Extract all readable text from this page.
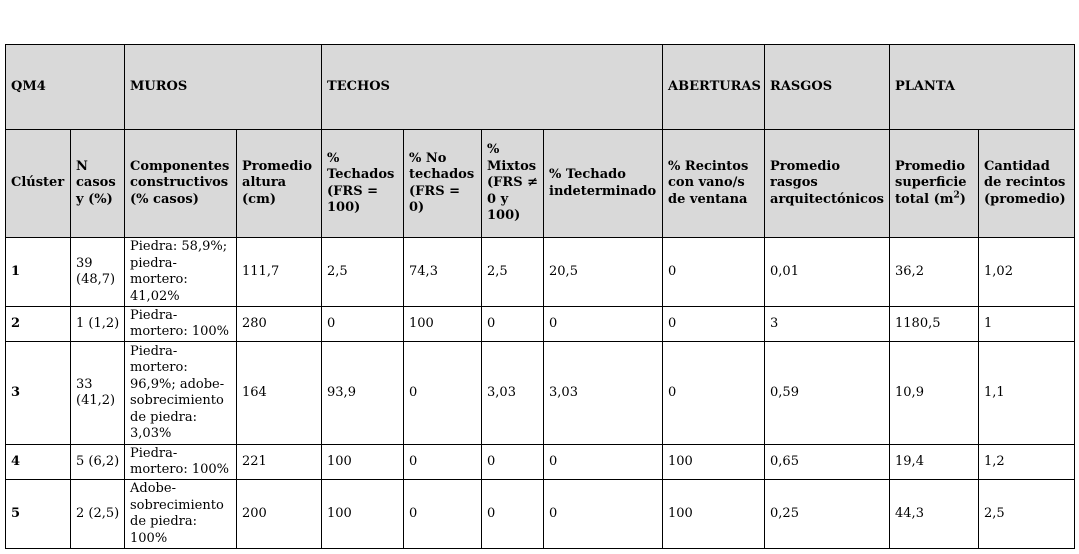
QM4		MUROS		TECHOS				ABERTURAS	RASGOS	PLANTA	
Clúster	N casos y (%)	Componentes constructivos (% casos)	Promedio altura (cm)	% Techados (FRS = 100)	% No techados (FRS = 0)	% Mixtos (FRS ≠ 0 y 100)	% Techado indeterminado	% Recintos con vano/s de ventana	Promedio rasgos arquitectónicos	Promedio superficie total $(m^2)$	Cantidad de recintos (promedio)
1	39 (48,7)	Piedra: 58,9%; piedra-mortero: 41,02%	111,7	2,5	74,3	2,5	20,5	0	0,01	36,2	1,02
2	1 (1,2)	Piedra-mortero: 100%	280	0	100	0	0	0	3	1180,5	1
3	33 (41,2)	Piedra-mortero: 96,9%; adobe-sobrecimiento de piedra: 3,03%	164	93,9	0	3,03	3,03	0	0,59	10,9	1,1
4	5 (6,2)	Piedra-mortero: 100%	221	100	0	0	0	100	0,65	19,4	1,2
5	2 (2,5)	Adobe-sobrecimiento de piedra: 100%	200	100	0	0	0	100	0,25	44,3	2,5
